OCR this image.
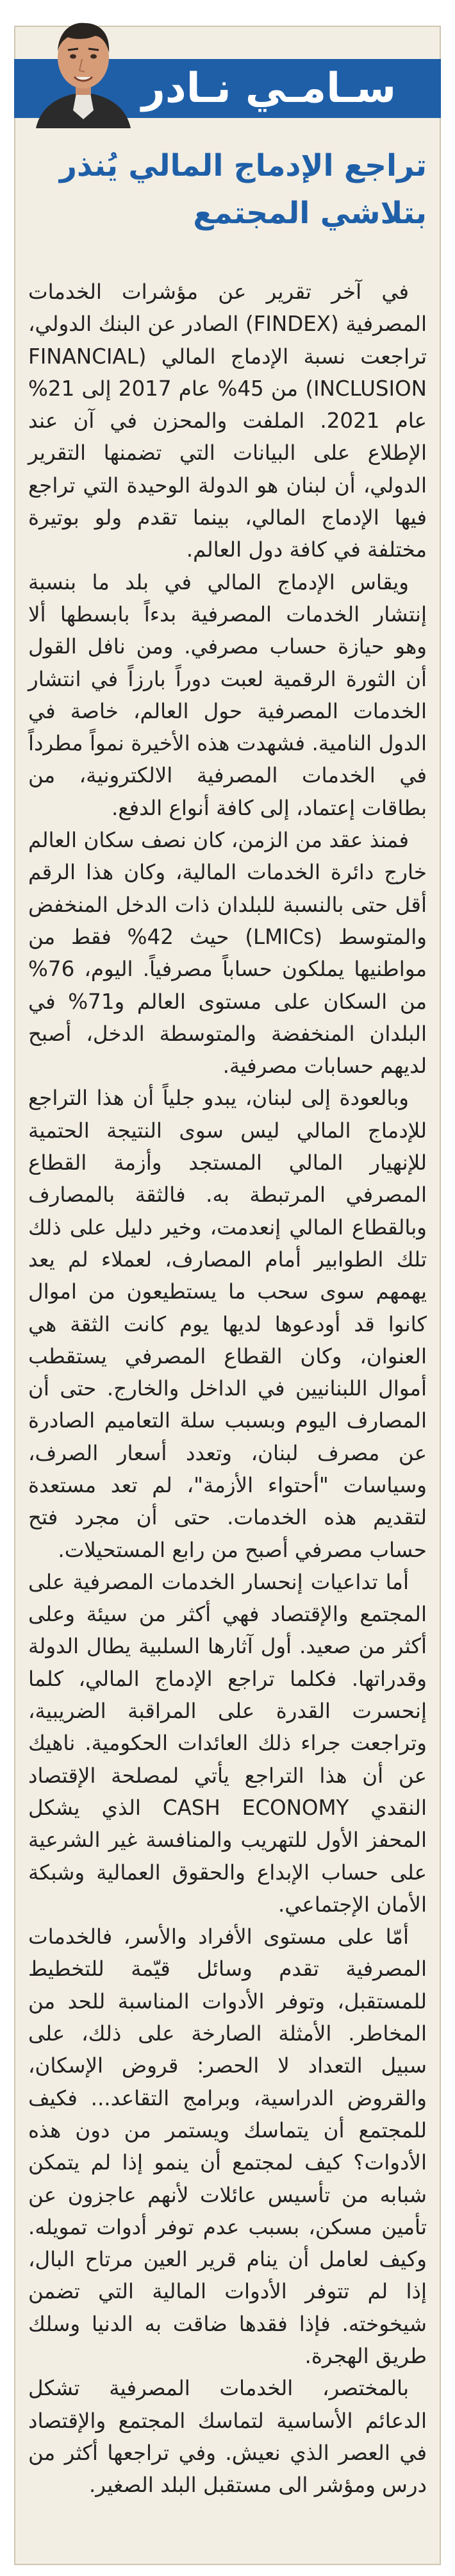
سـامـي نـادر
تراجع الإدماج المالي يُنذر بتلاشي المجتمع

في آخر تقرير عن مؤشرات الخدمات المصرفية (FINDEX) الصادر عن البنك الدولي، تراجعت نسبة الإدماج المالي (FINANCIAL INCLUSION) من 45% عام 2017 إلى 21% عام 2021. الملفت والمحزن في آن عند الإطلاع على البيانات التي تضمنها التقرير الدولي، أن لبنان هو الدولة الوحيدة التي تراجع فيها الإدماج المالي، بينما تقدم ولو بوتيرة مختلفة في كافة دول العالم.

ويقاس الإدماج المالي في بلد ما بنسبة إنتشار الخدمات المصرفية بدءاً بابسطها ألا وهو حيازة حساب مصرفي. ومن نافل القول أن الثورة الرقمية لعبت دوراً بارزاً في انتشار الخدمات المصرفية حول العالم، خاصة في الدول النامية. فشهدت هذه الأخيرة نمواً مطرداً في الخدمات المصرفية الالكترونية، من بطاقات إعتماد، إلى كافة أنواع الدفع.

فمنذ عقد من الزمن، كان نصف سكان العالم خارج دائرة الخدمات المالية، وكان هذا الرقم أقل حتى بالنسبة للبلدان ذات الدخل المنخفض والمتوسط (LMICs) حيث 42% فقط من مواطنيها يملكون حساباً مصرفياً. اليوم، 76% من السكان على مستوى العالم و71% في البلدان المنخفضة والمتوسطة الدخل، أصبح لديهم حسابات مصرفية.

وبالعودة إلى لبنان، يبدو جلياً أن هذا التراجع للإدماج المالي ليس سوى النتيجة الحتمية للإنهيار المالي المستجد وأزمة القطاع المصرفي المرتبطة به. فالثقة بالمصارف وبالقطاع المالي إنعدمت، وخير دليل على ذلك تلك الطوابير أمام المصارف، لعملاء لم يعد يهمهم سوى سحب ما يستطيعون من اموال كانوا قد أودعوها لديها يوم كانت الثقة هي العنوان، وكان القطاع المصرفي يستقطب أموال اللبنانيين في الداخل والخارج. حتى أن المصارف اليوم وبسبب سلة التعاميم الصادرة عن مصرف لبنان، وتعدد أسعار الصرف، وسياسات "أحتواء الأزمة"، لم تعد مستعدة لتقديم هذه الخدمات. حتى أن مجرد فتح حساب مصرفي أصبح من رابع المستحيلات.

أما تداعيات إنحسار الخدمات المصرفية على المجتمع والإقتصاد فهي أكثر من سيئة وعلى أكثر من صعيد. أول آثارها السلبية يطال الدولة وقدراتها. فكلما تراجع الإدماج المالي، كلما إنحسرت القدرة على المراقبة الضريبية، وتراجعت جراء ذلك العائدات الحكومية. ناهيك عن أن هذا التراجع يأتي لمصلحة الإقتصاد النقدي CASH ECONOMY الذي يشكل المحفز الأول للتهريب والمنافسة غير الشرعية على حساب الإبداع والحقوق العمالية وشبكة الأمان الإجتماعي.

أمّا على مستوى الأفراد والأسر، فالخدمات المصرفية تقدم وسائل قيّمة للتخطيط للمستقبل، وتوفر الأدوات المناسبة للحد من المخاطر. الأمثلة الصارخة على ذلك، على سبيل التعداد لا الحصر: قروض الإسكان، والقروض الدراسية، وبرامج التقاعد... فكيف للمجتمع أن يتماسك ويستمر من دون هذه الأدوات؟ كيف لمجتمع أن ينمو إذا لم يتمكن شبابه من تأسيس عائلات لأنهم عاجزون عن تأمين مسكن، بسبب عدم توفر أدوات تمويله. وكيف لعامل أن ينام قرير العين مرتاح البال، إذا لم تتوفر الأدوات المالية التي تضمن شيخوخته. فإذا فقدها ضاقت به الدنيا وسلك طريق الهجرة.

بالمختصر، الخدمات المصرفية تشكل الدعائم الأساسية لتماسك المجتمع والإقتصاد في العصر الذي نعيش. وفي تراجعها أكثر من درس ومؤشر الى مستقبل البلد الصغير.
